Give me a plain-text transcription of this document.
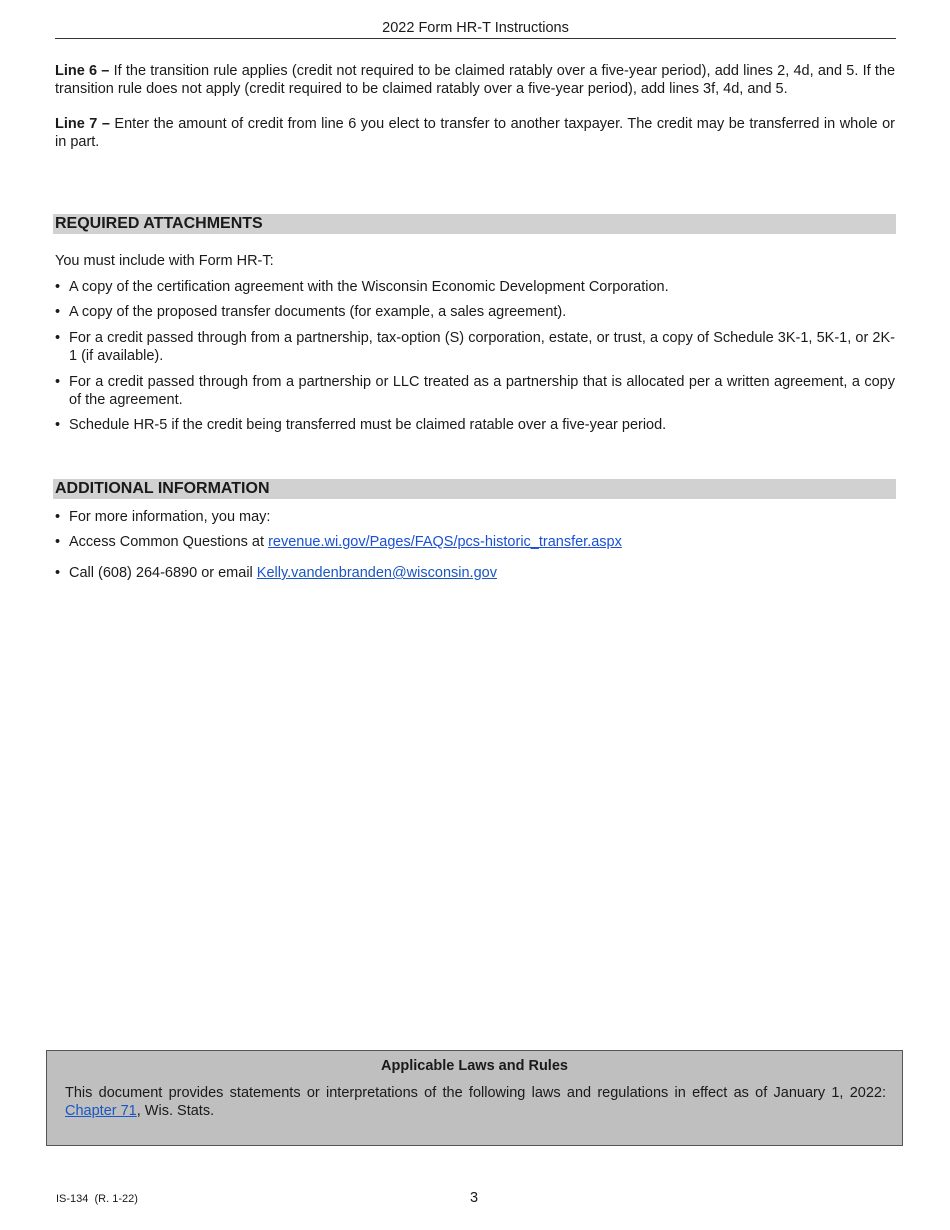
2022 Form HR-T Instructions
Line 6 – If the transition rule applies (credit not required to be claimed ratably over a five-year period), add lines 2, 4d, and 5. If the transition rule does not apply (credit required to be claimed ratably over a five-year period), add lines 3f, 4d, and 5.
Line 7 – Enter the amount of credit from line 6 you elect to transfer to another taxpayer. The credit may be transferred in whole or in part.
REQUIRED ATTACHMENTS
You must include with Form HR-T:
• A copy of the certification agreement with the Wisconsin Economic Development Corporation.
• A copy of the proposed transfer documents (for example, a sales agreement).
• For a credit passed through from a partnership, tax-option (S) corporation, estate, or trust, a copy of Schedule 3K-1, 5K-1, or 2K-1 (if available).
• For a credit passed through from a partnership or LLC treated as a partnership that is allocated per a written agreement, a copy of the agreement.
• Schedule HR-5 if the credit being transferred must be claimed ratable over a five-year period.
ADDITIONAL INFORMATION
• For more information, you may:
• Access Common Questions at revenue.wi.gov/Pages/FAQS/pcs-historic_transfer.aspx
• Call (608) 264-6890 or email Kelly.vandenbranden@wisconsin.gov
Applicable Laws and Rules
This document provides statements or interpretations of the following laws and regulations in effect as of January 1, 2022: Chapter 71, Wis. Stats.
IS-134  (R. 1-22)	3
